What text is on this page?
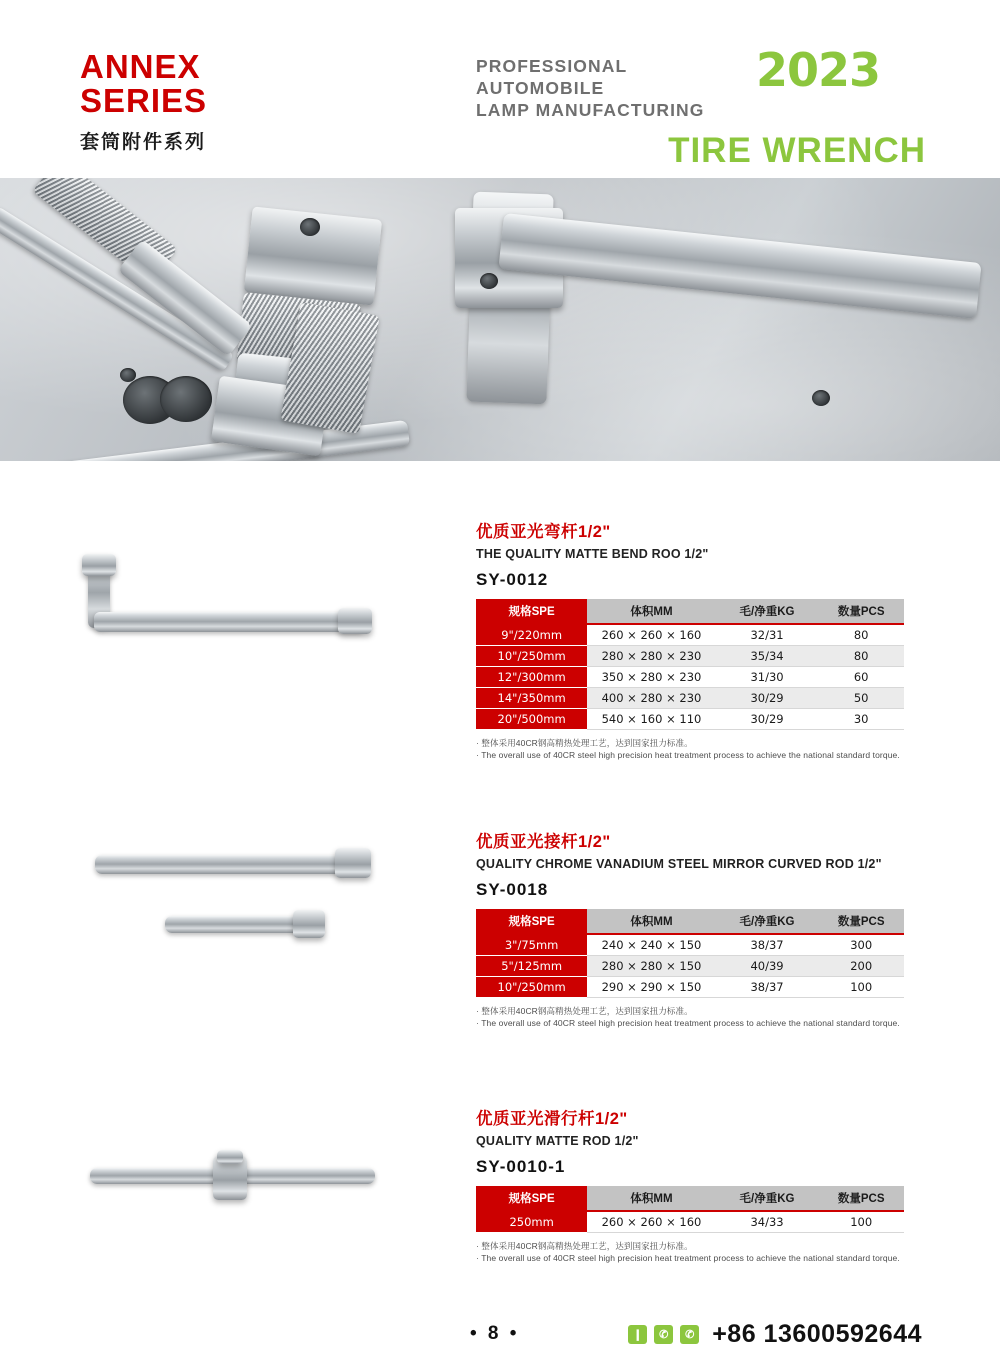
ANNEX
SERIES
套筒附件系列
PROFESSIONAL AUTOMOBILE
LAMP MANUFACTURING
2023
TIRE WRENCH
优质亚光弯杆1/2"
THE QUALITY MATTE BEND ROO 1/2"
SY-0012
规格SPE	体积MM	毛/净重KG	数量PCS
9"/220mm	260 × 260 × 160	32/31	80
10"/250mm	280 × 280 × 230	35/34	80
12"/300mm	350 × 280 × 230	31/30	60
14"/350mm	400 × 280 × 230	30/29	50
20"/500mm	540 × 160 × 110	30/29	30
· 整体采用40CR钢高精热处理工艺，达到国家扭力标准。
· The overall use of 40CR steel high precision heat treatment process to achieve the national standard torque.
优质亚光接杆1/2"
QUALITY CHROME VANADIUM STEEL MIRROR CURVED ROD 1/2"
SY-0018
规格SPE	体积MM	毛/净重KG	数量PCS
3"/75mm	240 × 240 × 150	38/37	300
5"/125mm	280 × 280 × 150	40/39	200
10"/250mm	290 × 290 × 150	38/37	100
· 整体采用40CR钢高精热处理工艺，达到国家扭力标准。
· The overall use of 40CR steel high precision heat treatment process to achieve the national standard torque.
优质亚光滑行杆1/2"
QUALITY MATTE ROD 1/2"
SY-0010-1
规格SPE	体积MM	毛/净重KG	数量PCS
250mm	260 × 260 × 160	34/33	100
· 整体采用40CR钢高精热处理工艺，达到国家扭力标准。
· The overall use of 40CR steel high precision heat treatment process to achieve the national standard torque.
• 8 •	❙	✆	✆ +86 13600592644
